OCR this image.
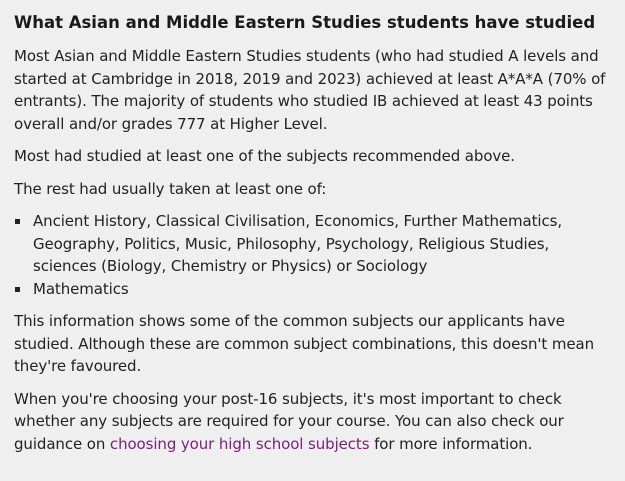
What Asian and Middle Eastern Studies students have studied

Most Asian and Middle Eastern Studies students (who had studied A levels and started at Cambridge in 2018, 2019 and 2023) achieved at least A*A*A (70% of entrants). The majority of students who studied IB achieved at least 43 points overall and/or grades 777 at Higher Level.

Most had studied at least one of the subjects recommended above.

The rest had usually taken at least one of:

Ancient History, Classical Civilisation, Economics, Further Mathematics, Geography, Politics, Music, Philosophy, Psychology, Religious Studies, sciences (Biology, Chemistry or Physics) or Sociology
Mathematics

This information shows some of the common subjects our applicants have studied. Although these are common subject combinations, this doesn't mean they're favoured.

When you're choosing your post-16 subjects, it's most important to check whether any subjects are required for your course. You can also check our guidance on choosing your high school subjects for more information.
